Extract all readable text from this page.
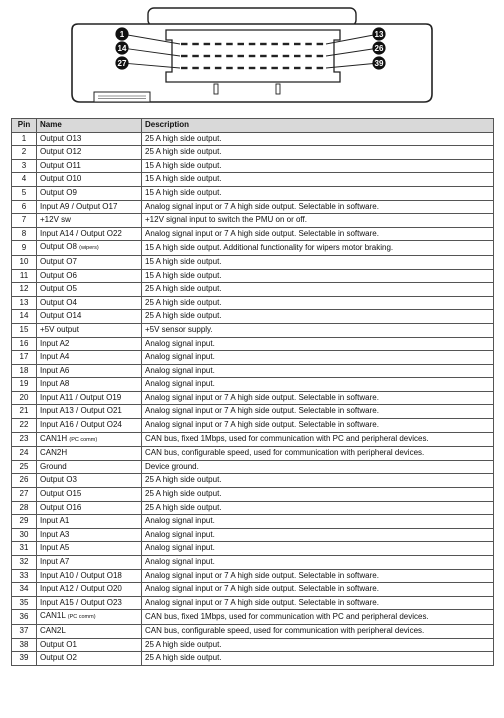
1	13
14	26
27	39
Pin	Name	Description
1	Output O13	25 A high side output.
2	Output O12	25 A high side output.
3	Output O11	15 A high side output.
4	Output O10	15 A high side output.
5	Output O9	15 A high side output.
6	Input A9 / Output O17	Analog signal input or 7 A high side output. Selectable in software.
7	+12V sw	+12V signal input to switch the PMU on or off.
8	Input A14 / Output O22	Analog signal input or 7 A high side output. Selectable in software.
9	Output O8 (wipers)	15 A high side output. Additional functionality for wipers motor braking.
10	Output O7	15 A high side output.
11	Output O6	15 A high side output.
12	Output O5	25 A high side output.
13	Output O4	25 A high side output.
14	Output O14	25 A high side output.
15	+5V output	+5V sensor supply.
16	Input A2	Analog signal input.
17	Input A4	Analog signal input.
18	Input A6	Analog signal input.
19	Input A8	Analog signal input.
20	Input A11 / Output O19	Analog signal input or 7 A high side output. Selectable in software.
21	Input A13 / Output O21	Analog signal input or 7 A high side output. Selectable in software.
22	Input A16 / Output O24	Analog signal input or 7 A high side output. Selectable in software.
23	CAN1H (PC comm)	CAN bus, fixed 1Mbps, used for communication with PC and peripheral devices.
24	CAN2H	CAN bus, configurable speed, used for communication with peripheral devices.
25	Ground	Device ground.
26	Output O3	25 A high side output.
27	Output O15	25 A high side output.
28	Output O16	25 A high side output.
29	Input A1	Analog signal input.
30	Input A3	Analog signal input.
31	Input A5	Analog signal input.
32	Input A7	Analog signal input.
33	Input A10 / Output O18	Analog signal input or 7 A high side output. Selectable in software.
34	Input A12 / Output O20	Analog signal input or 7 A high side output. Selectable in software.
35	Input A15 / Output O23	Analog signal input or 7 A high side output. Selectable in software.
36	CAN1L (PC comm)	CAN bus, fixed 1Mbps, used for communication with PC and peripheral devices.
37	CAN2L	CAN bus, configurable speed, used for communication with peripheral devices.
38	Output O1	25 A high side output.
39	Output O2	25 A high side output.
